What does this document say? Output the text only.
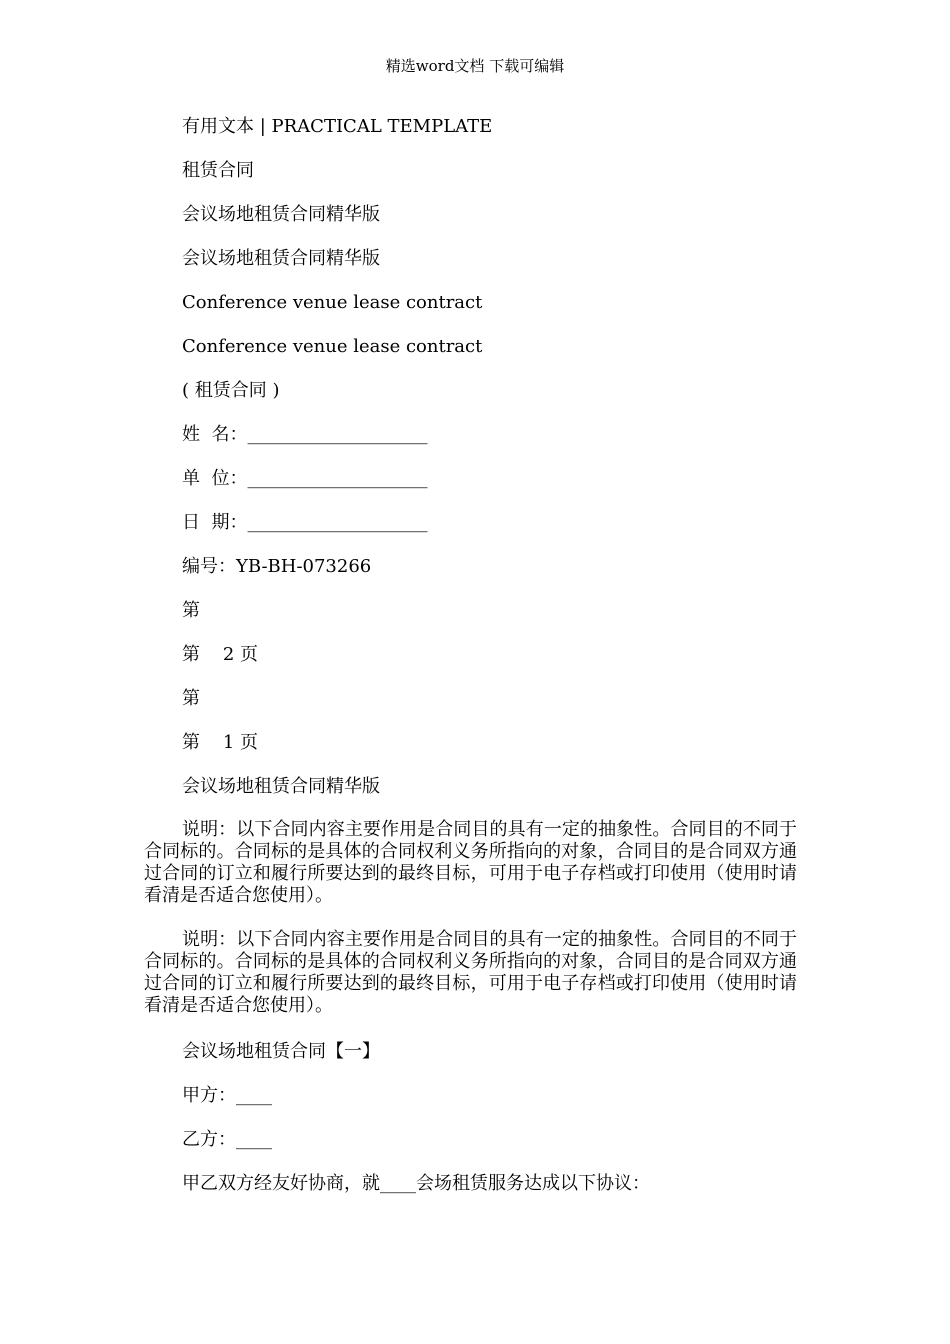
精选word文档 下载可编辑
有用文本 | PRACTICAL TEMPLATE
租赁合同
会议场地租赁合同精华版
会议场地租赁合同精华版
Conference venue lease contract
Conference venue lease contract
( 租赁合同 )
姓  名：____________________
单  位：____________________
日  期：____________________
编号：YB-BH-073266
第
第    2 页
第
第    1 页
会议场地租赁合同精华版
说明：以下合同内容主要作用是合同目的具有一定的抽象性。合同目的不同于合同标的。合同标的是具体的合同权利义务所指向的对象，合同目的是合同双方通过合同的订立和履行所要达到的最终目标，可用于电子存档或打印使用（使用时请看清是否适合您使用）。
说明：以下合同内容主要作用是合同目的具有一定的抽象性。合同目的不同于合同标的。合同标的是具体的合同权利义务所指向的对象，合同目的是合同双方通过合同的订立和履行所要达到的最终目标，可用于电子存档或打印使用（使用时请看清是否适合您使用）。
会议场地租赁合同【一】
甲方：____
乙方：____
甲乙双方经友好协商，就____会场租赁服务达成以下协议：
